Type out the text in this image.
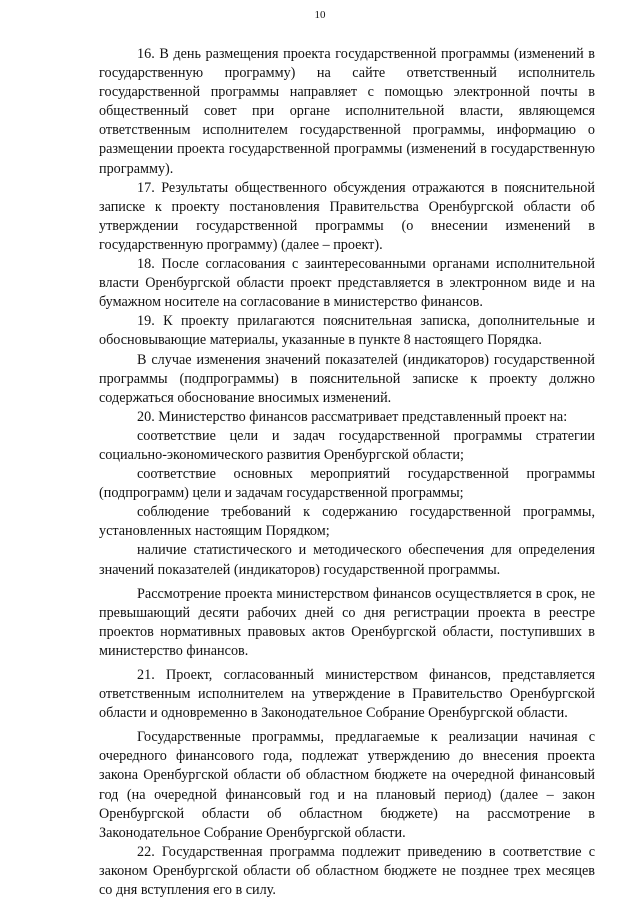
10

16. В день размещения проекта государственной программы (изменений в государственную программу) на сайте ответственный исполнитель государственной программы направляет с помощью электронной почты в общественный совет при органе исполнительной власти, являющемся ответственным исполнителем государственной программы, информацию о размещении проекта государственной программы (изменений в государственную программу).

17. Результаты общественного обсуждения отражаются в пояснительной записке к проекту постановления Правительства Оренбургской области об утверждении государственной программы (о внесении изменений в государственную программу) (далее – проект).

18. После согласования с заинтересованными органами исполнительной власти Оренбургской области проект представляется в электронном виде и на бумажном носителе на согласование в министерство финансов.

19. К проекту прилагаются пояснительная записка, дополнительные и обосновывающие материалы, указанные в пункте 8 настоящего Порядка.

В случае изменения значений показателей (индикаторов) государственной программы (подпрограммы) в пояснительной записке к проекту должно содержаться обоснование вносимых изменений.

20. Министерство финансов рассматривает представленный проект на:

соответствие цели и задач государственной программы стратегии социально-экономического развития Оренбургской области;

соответствие основных мероприятий государственной программы (подпрограмм) цели и задачам государственной программы;

соблюдение требований к содержанию государственной программы, установленных настоящим Порядком;

наличие статистического и методического обеспечения для определения значений показателей (индикаторов) государственной программы.

Рассмотрение проекта министерством финансов осуществляется в срок, не превышающий десяти рабочих дней со дня регистрации проекта в реестре проектов нормативных правовых актов Оренбургской области, поступивших в министерство финансов.

21. Проект, согласованный министерством финансов, представляется ответственным исполнителем на утверждение в Правительство Оренбургской области и одновременно в Законодательное Собрание Оренбургской области.

Государственные программы, предлагаемые к реализации начиная с очередного финансового года, подлежат утверждению до внесения проекта закона Оренбургской области об областном бюджете на очередной финансовый год (на очередной финансовый год и на плановый период) (далее – закон Оренбургской области об областном бюджете) на рассмотрение в Законодательное Собрание Оренбургской области.

22. Государственная программа подлежит приведению в соответствие с законом Оренбургской области об областном бюджете не позднее трех месяцев со дня вступления его в силу.
